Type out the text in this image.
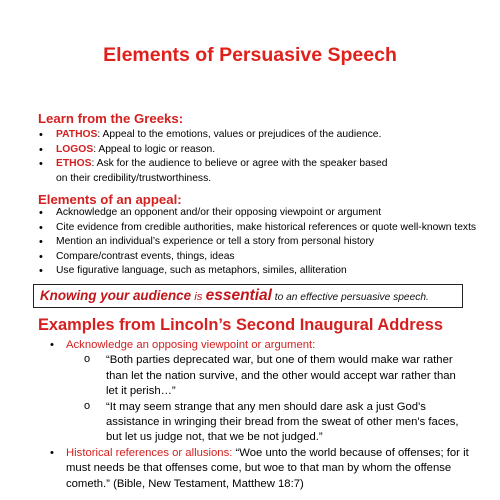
Elements of Persuasive Speech
Learn from the Greeks:
• PATHOS: Appeal to the emotions, values or prejudices of the audience.
• LOGOS: Appeal to logic or reason.
• ETHOS: Ask for the audience to believe or agree with the speaker based on their credibility/trustworthiness.
Elements of an appeal:
• Acknowledge an opponent and/or their opposing viewpoint or argument
• Cite evidence from credible authorities, make historical references or quote well-known texts
• Mention an individual’s experience or tell a story from personal history
• Compare/contrast events, things, ideas
• Use figurative language, such as metaphors, similes, alliteration
Knowing your audience is essential to an effective persuasive speech.
Examples from Lincoln’s Second Inaugural Address
• Acknowledge an opposing viewpoint or argument:
o “Both parties deprecated war, but one of them would make war rather than let the nation survive, and the other would accept war rather than let it perish…”
o “It may seem strange that any men should dare ask a just God's assistance in wringing their bread from the sweat of other men's faces, but let us judge not, that we be not judged.”
• Historical references or allusions: “Woe unto the world because of offenses; for it must needs be that offenses come, but woe to that man by whom the offense cometh.” (Bible, New Testament, Matthew 18:7)
